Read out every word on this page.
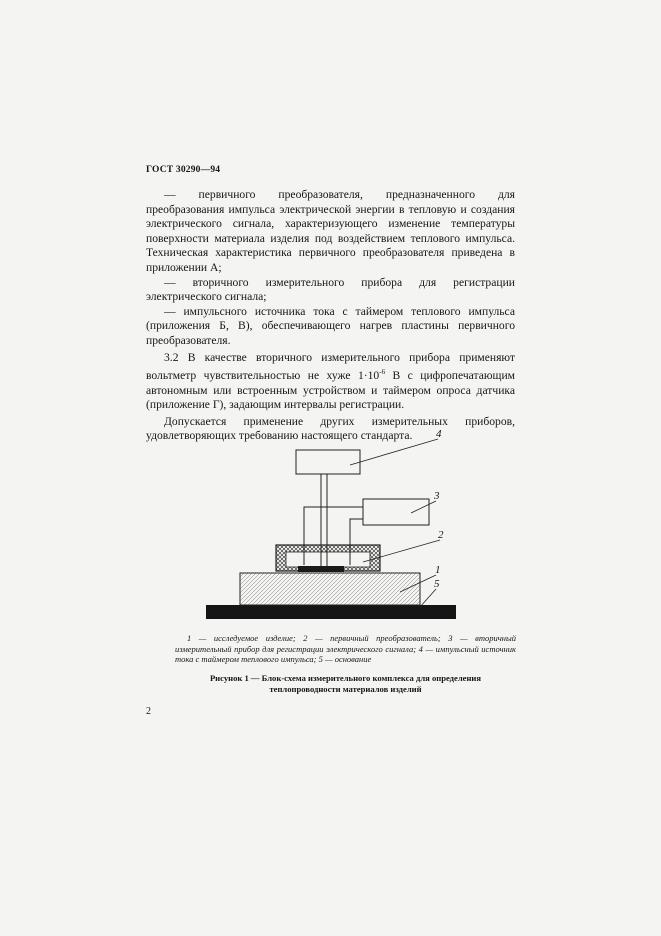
ГОСТ 30290—94

— первичного преобразователя, предназначенного для преобразования импульса электрической энергии в тепловую и создания электрического сигнала, характеризующего изменение температуры поверхности материала изделия под воздействием теплового импульса. Техническая характеристика первичного преобразователя приведена в приложении А;

— вторичного измерительного прибора для регистрации электрического сигнала;

— импульсного источника тока с таймером теплового импульса (приложения Б, В), обеспечивающего нагрев пластины первичного преобразователя.

3.2 В качестве вторичного измерительного прибора применяют вольтметр чувствительностью не хуже $1\cdot 10^{-6}$ В с цифропечатающим автономным или встроенным устройством и таймером опроса датчика (приложение Г), задающим интервалы регистрации.

Допускается применение других измерительных приборов, удовлетворяющих требованию настоящего стандарта.	4
3
2
1
5

1 — исследуемое изделие; 2 — первичный преобразователь; 3 — вторичный измерительный прибор для регистрации электрического сигнала; 4 — импульсный источник тока с таймером теплового импульса; 5 — основание

Рисунок 1 — Блок-схема измерительного комплекса для определения теплопроводности материалов изделий
2
